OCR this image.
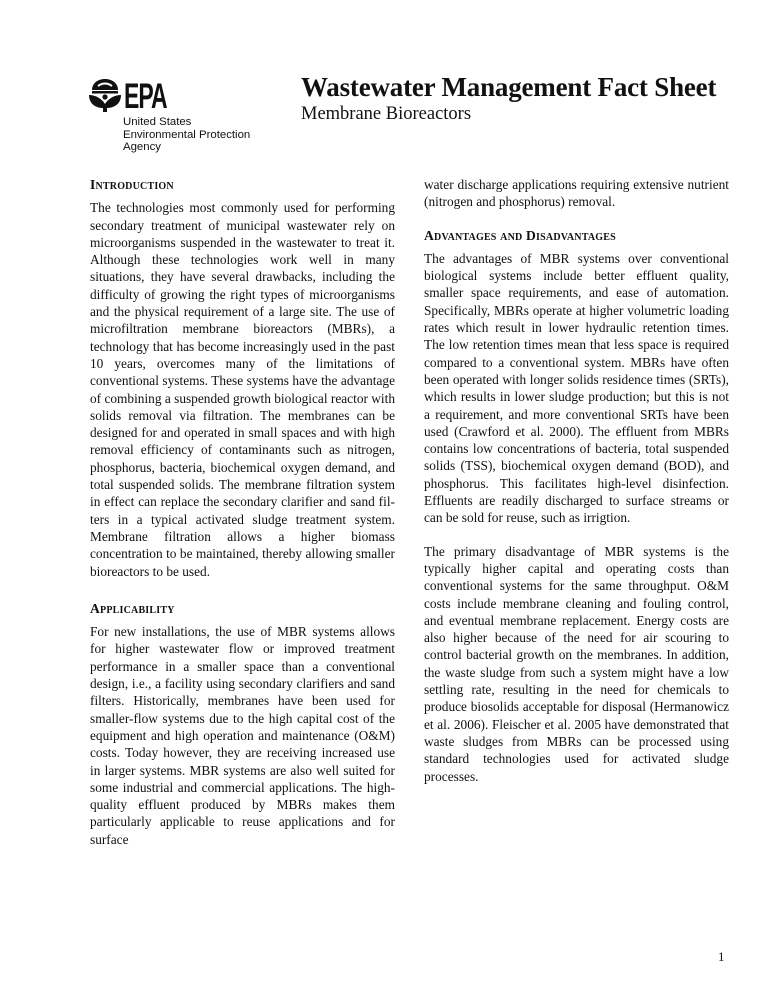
EPA
United States
Environmental Protection
Agency
Wastewater Management Fact Sheet
Membrane Bioreactors
Introduction

The technologies most commonly used for performing secondary treatment of municipal wastewater rely on microorganisms suspended in the wastewater to treat it. Although these technologies work well in many situations, they have several drawbacks, including the difficulty of growing the right types of microorganisms and the physical requirement of a large site. The use of microfiltration membrane bioreactors (MBRs), a technology that has become increasingly used in the past 10 years, overcomes many of the limitations of conventional systems. These systems have the advantage of combining a suspended growth biological reactor with solids removal via filtration. The membranes can be designed for and operated in small spaces and with high removal efficiency of contaminants such as nitrogen, phosphorus, bacteria, biochemical oxygen demand, and total suspended solids. The membrane filtration system in effect can replace the secondary clarifier and sand filters in a typical activated sludge treatment system. Membrane filtration allows a higher biomass concentration to be maintained, thereby allowing smaller bioreactors to be used.

Applicability

For new installations, the use of MBR systems allows for higher wastewater flow or improved treatment performance in a smaller space than a conventional design, i.e., a facility using secondary clarifiers and sand filters. Historically, membranes have been used for smaller-flow systems due to the high capital cost of the equipment and high operation and maintenance (O&M) costs. Today however, they are receiving increased use in larger systems. MBR systems are also well suited for some industrial and commercial applications. The high-quality effluent produced by MBRs makes them particularly applicable to reuse applications and for surface

water discharge applications requiring extensive nutrient (nitrogen and phosphorus) removal.

Advantages and Disadvantages

The advantages of MBR systems over conventional biological systems include better effluent quality, smaller space requirements, and ease of automation. Specifically, MBRs operate at higher volumetric loading rates which result in lower hydraulic retention times. The low retention times mean that less space is required compared to a conventional system. MBRs have often been operated with longer solids residence times (SRTs), which results in lower sludge production; but this is not a requirement, and more conventional SRTs have been used (Crawford et al. 2000). The effluent from MBRs contains low concentrations of bacteria, total suspended solids (TSS), biochemical oxygen demand (BOD), and phosphorus. This facilitates high-level disinfection. Effluents are readily discharged to surface streams or can be sold for reuse, such as irrigtion.

The primary disadvantage of MBR systems is the typically higher capital and operating costs than conventional systems for the same throughput. O&M costs include membrane cleaning and fouling control, and eventual membrane replacement. Energy costs are also higher because of the need for air scouring to control bacterial growth on the membranes. In addition, the waste sludge from such a system might have a low settling rate, resulting in the need for chemicals to produce biosolids acceptable for disposal (Hermanowicz et al. 2006). Fleischer et al. 2005 have demonstrated that waste sludges from MBRs can be processed using standard technologies used for activated sludge processes.

1
